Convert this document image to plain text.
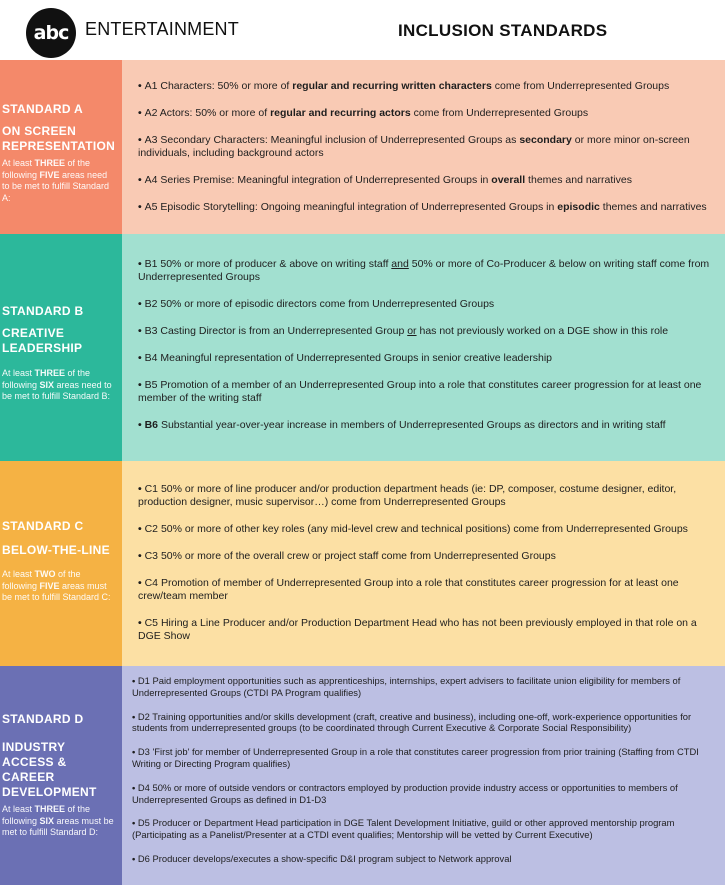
abc ENTERTAINMENT	INCLUSION STANDARDS
STANDARD A
ON SCREEN REPRESENTATION
At least THREE of the following FIVE areas need to be met to fulfill Standard A:
• A1 Characters: 50% or more of regular and recurring written characters come from Underrepresented Groups
• A2 Actors: 50% or more of regular and recurring actors come from Underrepresented Groups
• A3 Secondary Characters: Meaningful inclusion of Underrepresented Groups as secondary or more minor on-screen individuals, including background actors
• A4 Series Premise: Meaningful integration of Underrepresented Groups in overall themes and narratives
• A5 Episodic Storytelling: Ongoing meaningful integration of Underrepresented Groups in episodic themes and narratives
STANDARD B
CREATIVE LEADERSHIP
At least THREE of the following SIX areas need to be met to fulfill Standard B:
• B1 50% or more of producer & above on writing staff and 50% or more of Co-Producer & below on writing staff come from Underrepresented Groups
• B2 50% or more of episodic directors come from Underrepresented Groups
• B3 Casting Director is from an Underrepresented Group or has not previously worked on a DGE show in this role
• B4 Meaningful representation of Underrepresented Groups in senior creative leadership
• B5 Promotion of a member of an Underrepresented Group into a role that constitutes career progression for at least one member of the writing staff
• B6 Substantial year-over-year increase in members of Underrepresented Groups as directors and in writing staff
STANDARD C
BELOW-THE-LINE
At least TWO of the following FIVE areas must be met to fulfill Standard C:
• C1 50% or more of line producer and/or production department heads (ie: DP, composer, costume designer, editor, production designer, music supervisor…) come from Underrepresented Groups
• C2 50% or more of other key roles (any mid-level crew and technical positions) come from Underrepresented Groups
• C3 50% or more of the overall crew or project staff come from Underrepresented Groups
• C4 Promotion of member of Underrepresented Group into a role that constitutes career progression for at least one crew/team member
• C5 Hiring a Line Producer and/or Production Department Head who has not been previously employed in that role on a DGE Show
STANDARD D
INDUSTRY ACCESS & CAREER DEVELOPMENT
At least THREE of the following SIX areas must be met to fulfill Standard D:
• D1 Paid employment opportunities such as apprenticeships, internships, expert advisers to facilitate union eligibility for members of Underrepresented Groups (CTDI PA Program qualifies)
• D2 Training opportunities and/or skills development (craft, creative and business), including one-off, work-experience opportunities for students from underrepresented groups (to be coordinated through Current Executive & Corporate Social Responsibility)
• D3 'First job' for member of Underrepresented Group in a role that constitutes career progression from prior training (Staffing from CTDI Writing or Directing Program qualifies)
• D4 50% or more of outside vendors or contractors employed by production provide industry access or opportunities to members of Underrepresented Groups as defined in D1-D3
• D5 Producer or Department Head participation in DGE Talent Development Initiative, guild or other approved mentorship program (Participating as a Panelist/Presenter at a CTDI event qualifies; Mentorship will be vetted by Current Executive)
• D6 Producer develops/executes a show-specific D&I program subject to Network approval
